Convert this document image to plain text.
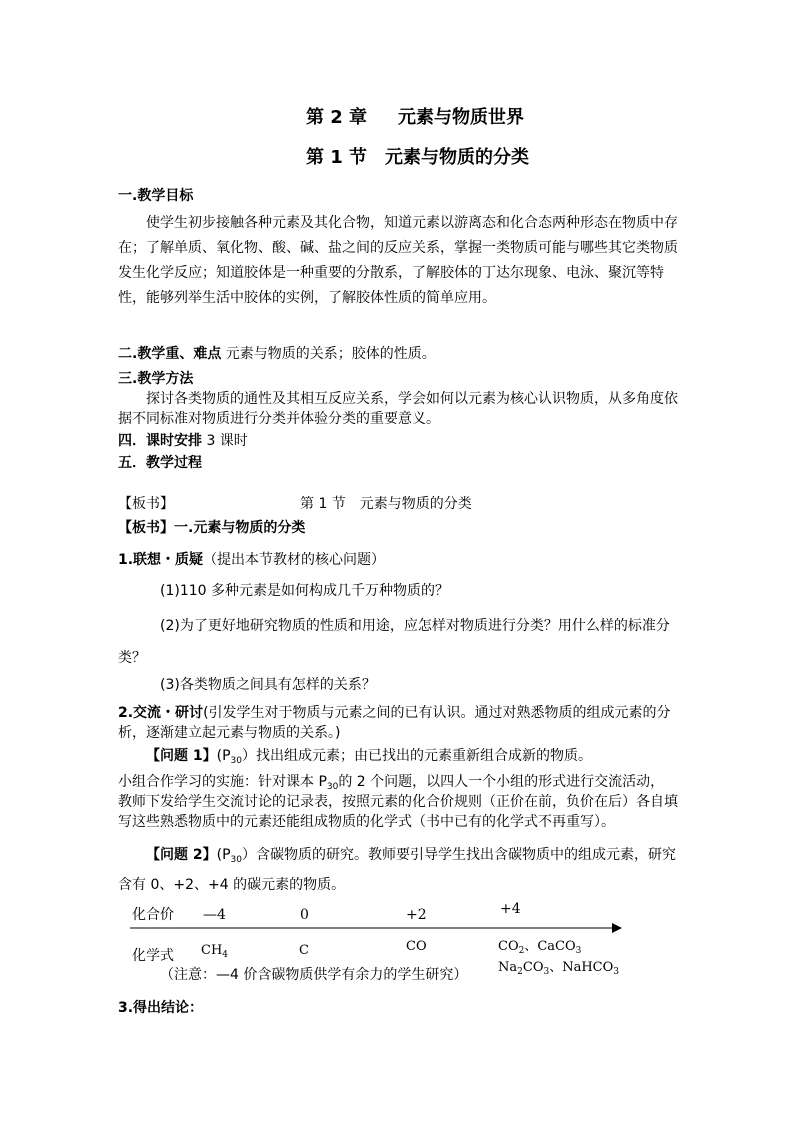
第 2 章 元素与物质世界
第 1 节　元素与物质的分类
一.教学目标
使学生初步接触各种元素及其化合物，知道元素以游离态和化合态两种形态在物质中存在；了解单质、氧化物、酸、碱、盐之间的反应关系，掌握一类物质可能与哪些其它类物质发生化学反应；知道胶体是一种重要的分散系，了解胶体的丁达尔现象、电泳、聚沉等特性，能够列举生活中胶体的实例，了解胶体性质的简单应用。
二.教学重、难点 元素与物质的关系；胶体的性质。
三.教学方法
探讨各类物质的通性及其相互反应关系，学会如何以元素为核心认识物质，从多角度依据不同标准对物质进行分类并体验分类的重要意义。
四．课时安排 3 课时
五．教学过程
【板书】	第 1 节　元素与物质的分类
【板书】一.元素与物质的分类
1.联想・质疑（提出本节教材的核心问题）
(1)110 多种元素是如何构成几千万种物质的？
(2)为了更好地研究物质的性质和用途，应怎样对物质进行分类？用什么样的标准分类？
(3)各类物质之间具有怎样的关系？
2.交流・研讨(引发学生对于物质与元素之间的已有认识。通过对熟悉物质的组成元素的分析，逐渐建立起元素与物质的关系。)
【问题 1】$(P_{30})$找出组成元素；由已找出的元素重新组合成新的物质。
小组合作学习的实施：针对课本 $P_{30}$的 2 个问题，以四人一个小组的形式进行交流活动，教师下发给学生交流讨论的记录表，按照元素的化合价规则（正价在前，负价在后）各自填写这些熟悉物质中的元素还能组成物质的化学式（书中已有的化学式不再重写）。
【问题 2】$(P_{30})$含碳物质的研究。教师要引导学生找出含碳物质中的组成元素，研究含有 0、+2、+4 的碳元素的物质。
化合价 —4	0	+2	+4
化学式 $CH_4$	C	CO	$CO_2$、CaCO$_3$
$Na_2CO_3$、NaHCO$_3$
（注意：—4 价含碳物质供学有余力的学生研究）
3.得出结论：
